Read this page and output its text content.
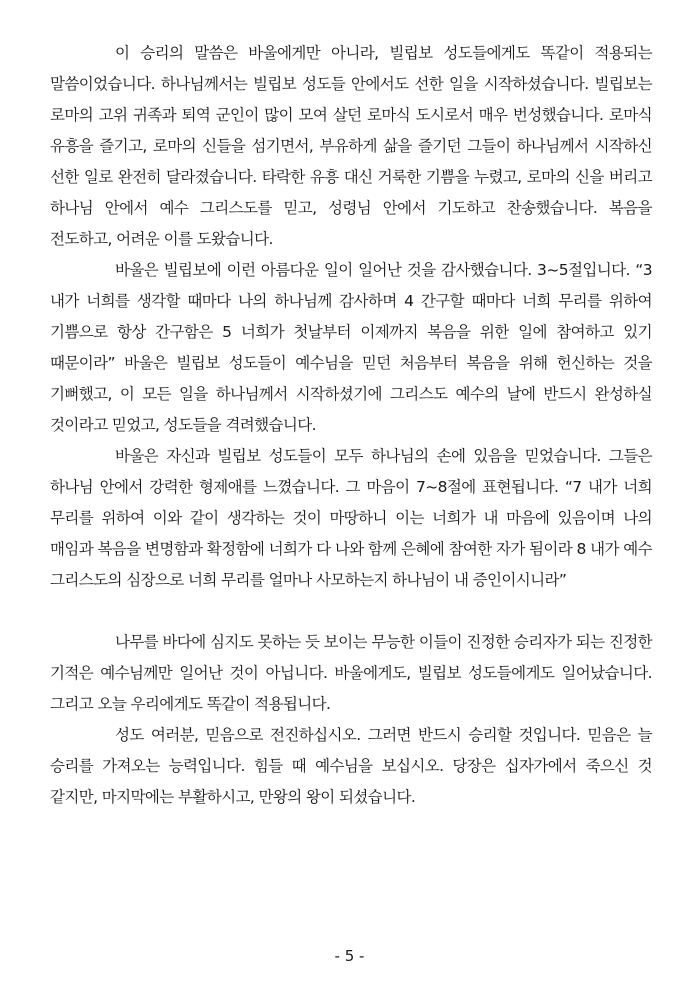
이 승리의 말씀은 바울에게만 아니라, 빌립보 성도들에게도 똑같이 적용되는 말씀이었습니다. 하나님께서는 빌립보 성도들 안에서도 선한 일을 시작하셨습니다. 빌립보는 로마의 고위 귀족과 퇴역 군인이 많이 모여 살던 로마식 도시로서 매우 번성했습니다. 로마식 유흥을 즐기고, 로마의 신들을 섬기면서, 부유하게 삶을 즐기던 그들이 하나님께서 시작하신 선한 일로 완전히 달라졌습니다. 타락한 유흥 대신 거룩한 기쁨을 누렸고, 로마의 신을 버리고 하나님 안에서 예수 그리스도를 믿고, 성령님 안에서 기도하고 찬송했습니다. 복음을 전도하고, 어려운 이를 도왔습니다.

바울은 빌립보에 이런 아름다운 일이 일어난 것을 감사했습니다. 3~5절입니다. “3 내가 너희를 생각할 때마다 나의 하나님께 감사하며 4 간구할 때마다 너희 무리를 위하여 기쁨으로 항상 간구함은 5 너희가 첫날부터 이제까지 복음을 위한 일에 참여하고 있기 때문이라” 바울은 빌립보 성도들이 예수님을 믿던 처음부터 복음을 위해 헌신하는 것을 기뻐했고, 이 모든 일을 하나님께서 시작하셨기에 그리스도 예수의 날에 반드시 완성하실 것이라고 믿었고, 성도들을 격려했습니다.

바울은 자신과 빌립보 성도들이 모두 하나님의 손에 있음을 믿었습니다. 그들은 하나님 안에서 강력한 형제애를 느꼈습니다. 그 마음이 7~8절에 표현됩니다. “7 내가 너희 무리를 위하여 이와 같이 생각하는 것이 마땅하니 이는 너희가 내 마음에 있음이며 나의 매임과 복음을 변명함과 확정함에 너희가 다 나와 함께 은혜에 참여한 자가 됨이라 8 내가 예수 그리스도의 심장으로 너희 무리를 얼마나 사모하는지 하나님이 내 증인이시니라”

나무를 바다에 심지도 못하는 듯 보이는 무능한 이들이 진정한 승리자가 되는 진정한 기적은 예수님께만 일어난 것이 아닙니다. 바울에게도, 빌립보 성도들에게도 일어났습니다. 그리고 오늘 우리에게도 똑같이 적용됩니다.

성도 여러분, 믿음으로 전진하십시오. 그러면 반드시 승리할 것입니다. 믿음은 늘 승리를 가져오는 능력입니다. 힘들 때 예수님을 보십시오. 당장은 십자가에서 죽으신 것 같지만, 마지막에는 부활하시고, 만왕의 왕이 되셨습니다.

- 5 -
